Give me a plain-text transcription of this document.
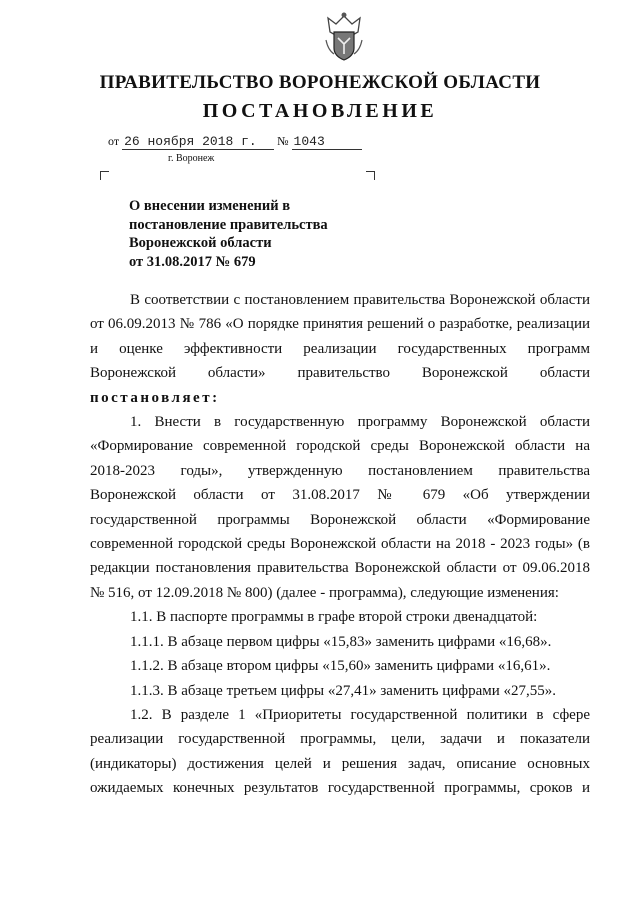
ПРАВИТЕЛЬСТВО ВОРОНЕЖСКОЙ ОБЛАСТИ
ПОСТАНОВЛЕНИЕ
от 26 ноября 2018 г. № 1043
г. Воронеж
О внесении изменений в
постановление правительства
Воронежской области
от 31.08.2017 № 679

В соответствии с постановлением правительства Воронежской области от 06.09.2013 № 786 «О порядке принятия решений о разработке, реализации и оценке эффективности реализации государственных программ Воронежской области» правительство Воронежской области постановляет:

1. Внести в государственную программу Воронежской области «Формирование современной городской среды Воронежской области на 2018-2023 годы», утвержденную постановлением правительства Воронежской области от 31.08.2017 № 679 «Об утверждении государственной программы Воронежской области «Формирование современной городской среды Воронежской области на 2018 - 2023 годы» (в редакции постановления правительства Воронежской области от 09.06.2018 № 516, от 12.09.2018 № 800) (далее - программа), следующие изменения:

1.1. В паспорте программы в графе второй строки двенадцатой:

1.1.1. В абзаце первом цифры «15,83» заменить цифрами «16,68».

1.1.2. В абзаце втором цифры «15,60» заменить цифрами «16,61».

1.1.3. В абзаце третьем цифры «27,41» заменить цифрами «27,55».

1.2. В разделе 1 «Приоритеты государственной политики в сфере реализации государственной программы, цели, задачи и показатели (индикаторы) достижения целей и решения задач, описание основных ожидаемых конечных результатов государственной программы, сроков и
